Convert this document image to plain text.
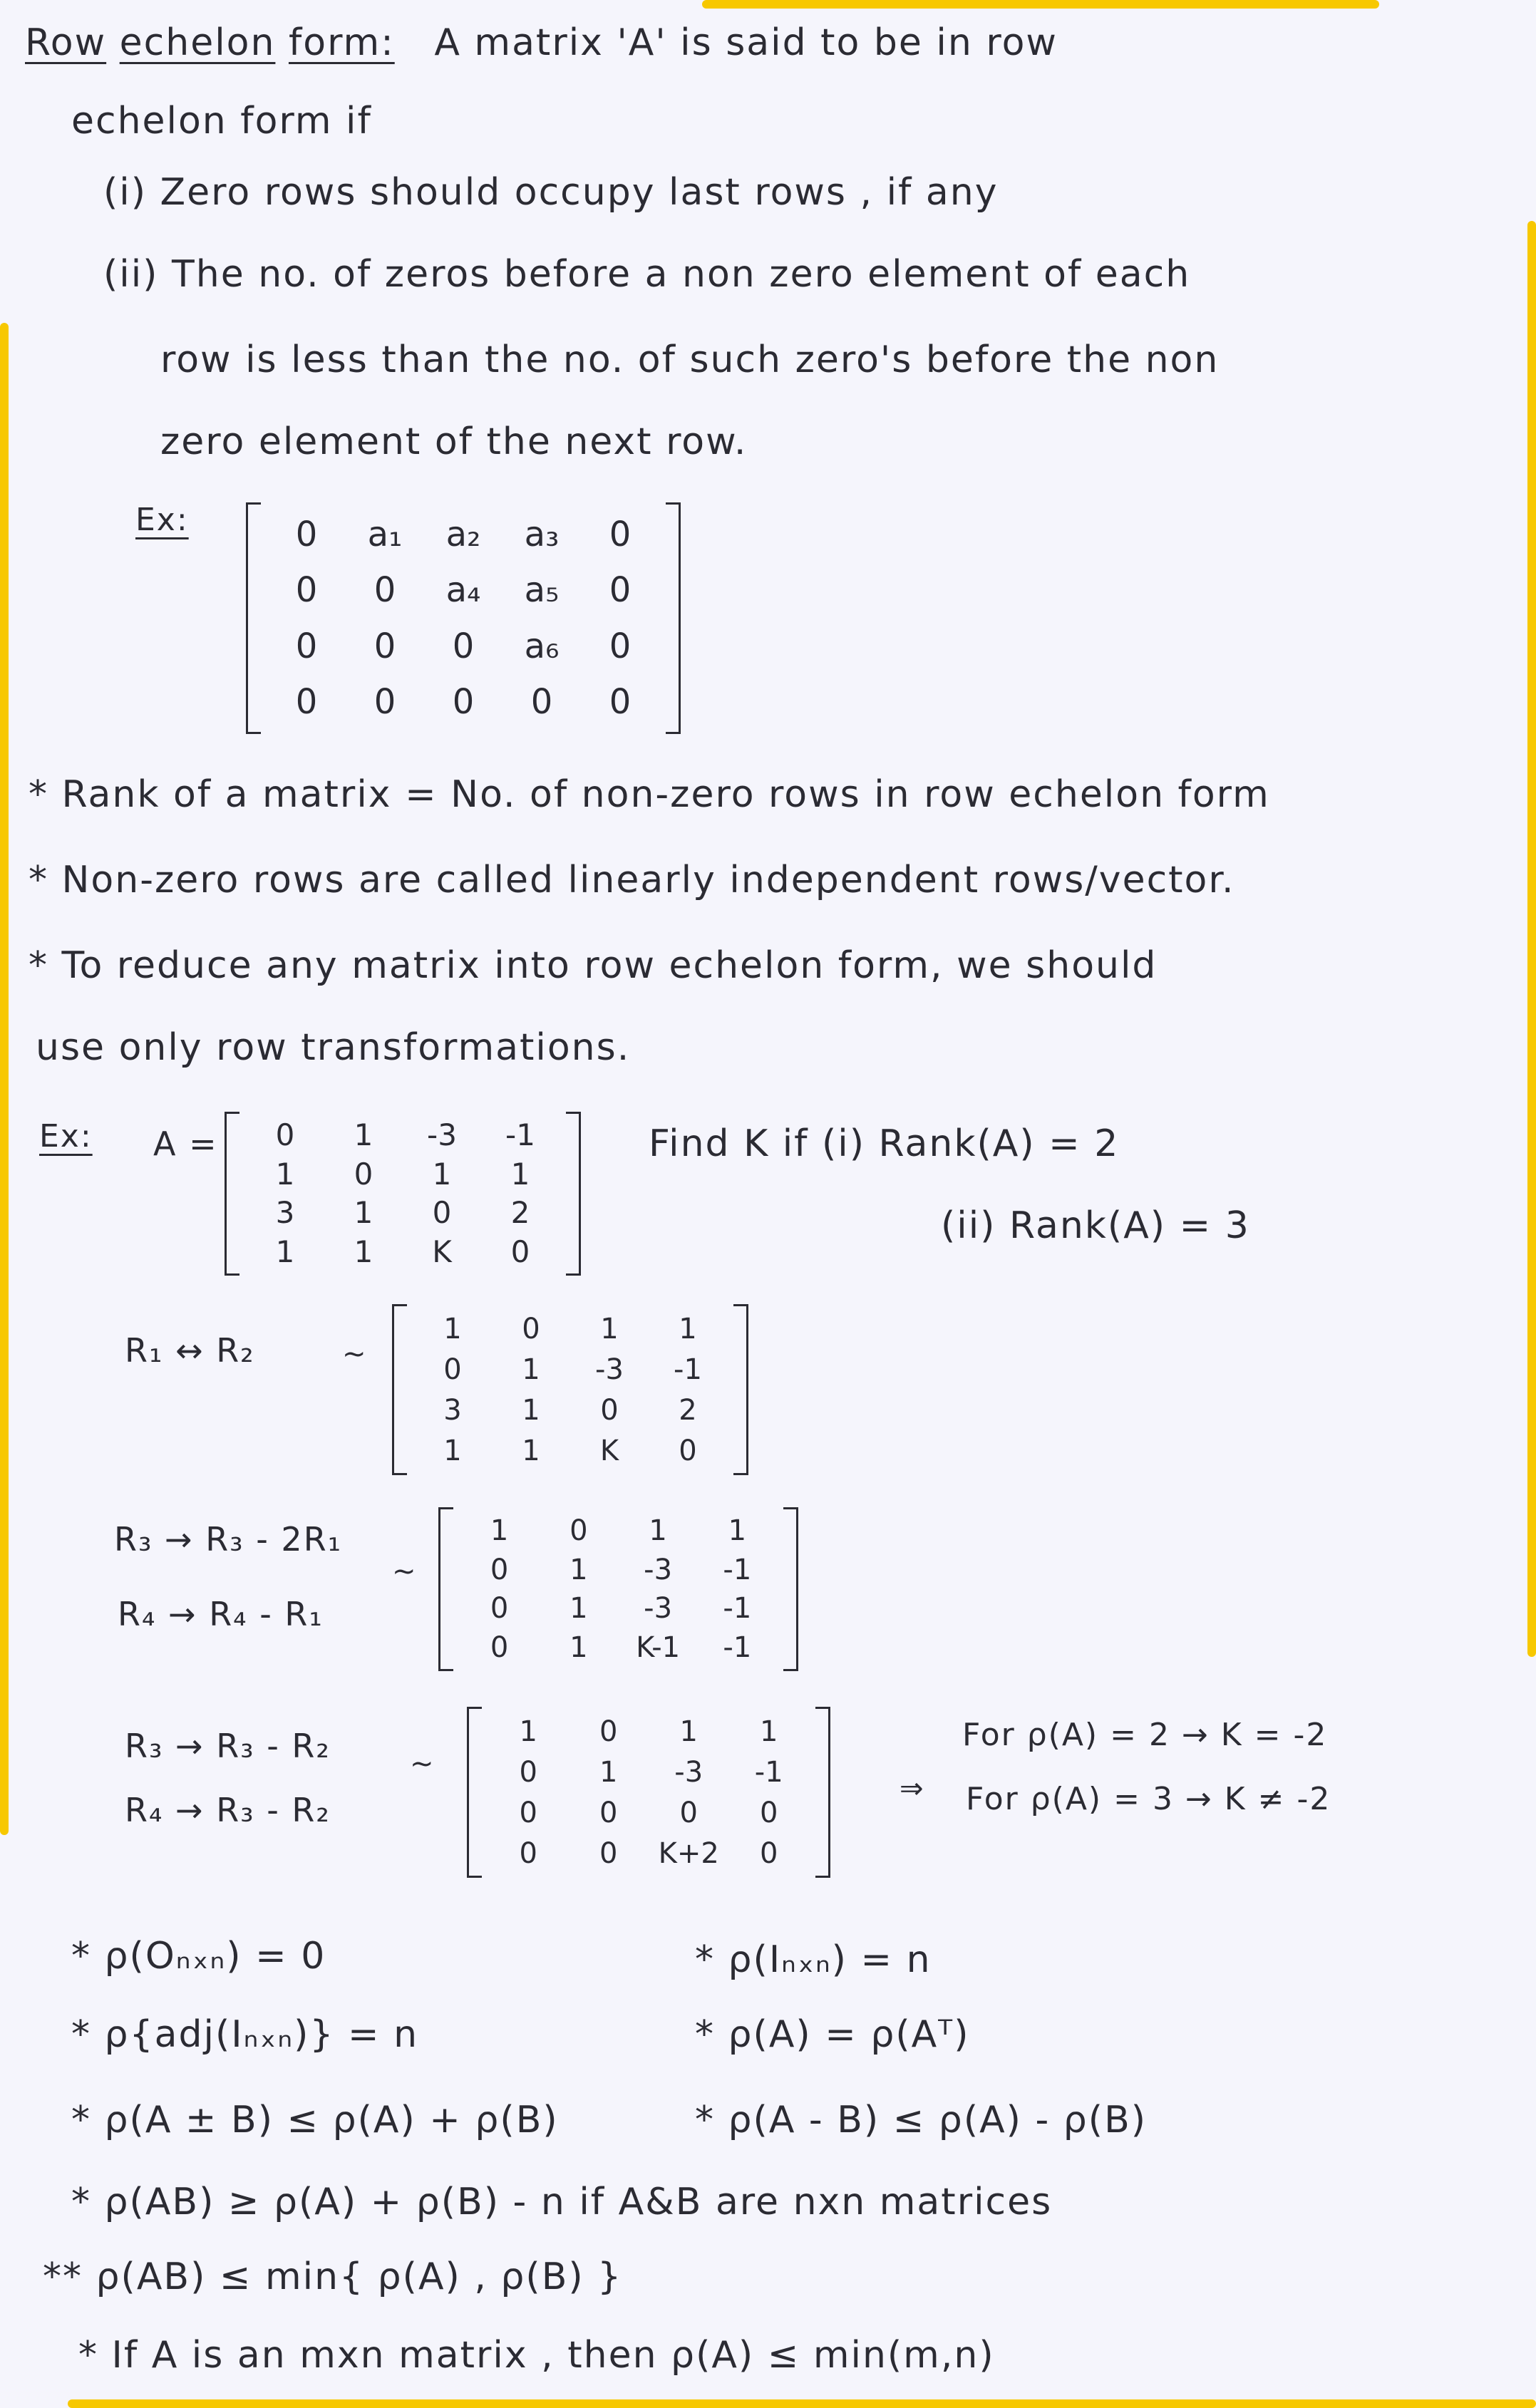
Row echelon form: A matrix 'A' is said to be in row
echelon form if
(i) Zero rows should occupy last rows , if any
(ii) The no. of zeros before a non zero element of each
row is less than the no. of such zero's before the non
zero element of the next row.
Ex:	0 a₁ a₂ a₃ 0
0 0 a₄ a₅ 0
0 0 0 a₆ 0
0 0 0 0 0
* Rank of a matrix = No. of non-zero rows in row echelon form
* Non-zero rows are called linearly independent rows/vector.
* To reduce any matrix into row echelon form, we should
use only row transformations.
Ex: A = 0 1 -3 -1
1 0 1 1
3 1 0 2
1 1 K 0
Find K if (i) Rank(A) = 2
(ii) Rank(A) = 3
R₁ ↔ R₂	~
1 0 1 1
0 1 -3 -1
3 1 0 2
1 1 K 0
R₃ → R₃ - 2R₁
R₄ → R₄ - R₁
~
1 0 1 1
0 1 -3 -1
0 1 -3 -1
0 1 K-1 -1
R₃ → R₃ - R₂
R₄ → R₃ - R₂
~
1 0 1 1
0 1 -3 -1
0 0 0 0
0 0 K+2 0
For ρ(A) = 2 → K = -2
⇒ For ρ(A) = 3 → K ≠ -2
* ρ(Oₙₓₙ) = 0	* ρ(Iₙₓₙ) = n
* ρ{adj(Iₙₓₙ)} = n	* ρ(A) = ρ(Aᵀ)
* ρ(A ± B) ≤ ρ(A) + ρ(B)	* ρ(A - B) ≤ ρ(A) - ρ(B)
* ρ(AB) ≥ ρ(A) + ρ(B) - n if A&B are nxn matrices
** ρ(AB) ≤ min{ ρ(A) , ρ(B) }
* If A is an mxn matrix , then ρ(A) ≤ min(m,n)
